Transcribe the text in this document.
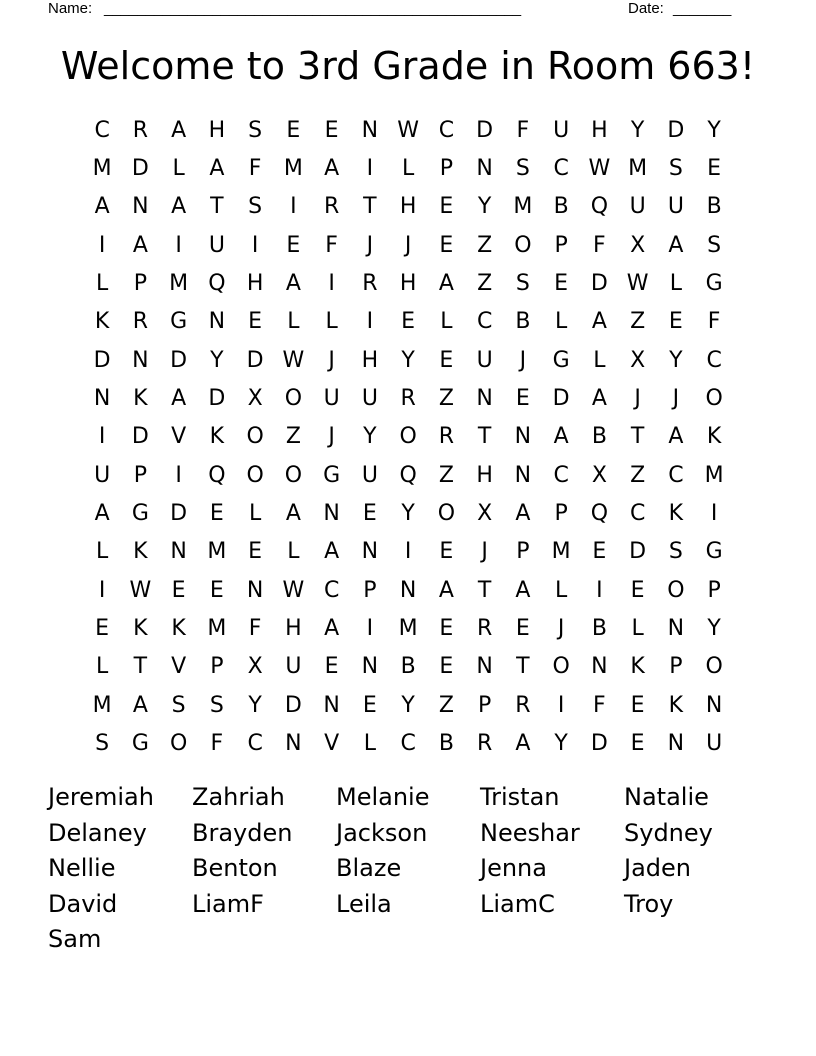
Name: __________________________________________________	Date: _______
Welcome to 3rd Grade in Room 663!
C	R	A	H	S	E	E	N W C	D	F	U H	Y	D	Y
M D	L	A	F	M A	I	L	P	N	S	C W M S	E
A	N	A	T	S	I	R	T	H	E	Y	M B	Q U	U	B
I	A	I	U	I	E	F	J	J	E	Z	O	P	F	X	A	S
L	P	M Q H	A	I	R	H	A	Z	S	E	D W L	G
K	R	G N	E	L	L	I	E	L	C	B	L	A	Z	E	F
D N D	Y	D W	J	H	Y	E	U	J	G	L	X	Y	C
N	K	A	D	X	O U	U	R	Z	N	E	D	A	J	J	O
I	D	V	K	O	Z	J	Y	O R	T	N	A	B	T	A	K
U	P	I	Q O O G U Q	Z	H N	C	X	Z	C M
A	G D	E	L	A	N	E	Y	O	X	A	P	Q C	K	I
L	K	N M E	L	A	N	I	E	J	P	M E	D	S	G
I	W E	E	N W C	P	N	A	T	A	L	I	E	O	P
E	K	K M	F	H	A	I	M E	R	E	J	B	L	N	Y
L	T	V	P	X	U	E	N	B	E	N	T	O N	K	P	O
M A	S	S	Y	D N	E	Y	Z	P	R	I	F	E	K	N
S	G O	F	C	N	V	L	C	B	R	A	Y	D	E	N U
Jeremiah	Zahriah	Melanie	Tristan	Natalie
Delaney	Brayden	Jackson	Neeshar	Sydney
Nellie	Benton	Blaze	Jenna	Jaden
David	LiamF	Leila	LiamC	Troy
Sam
